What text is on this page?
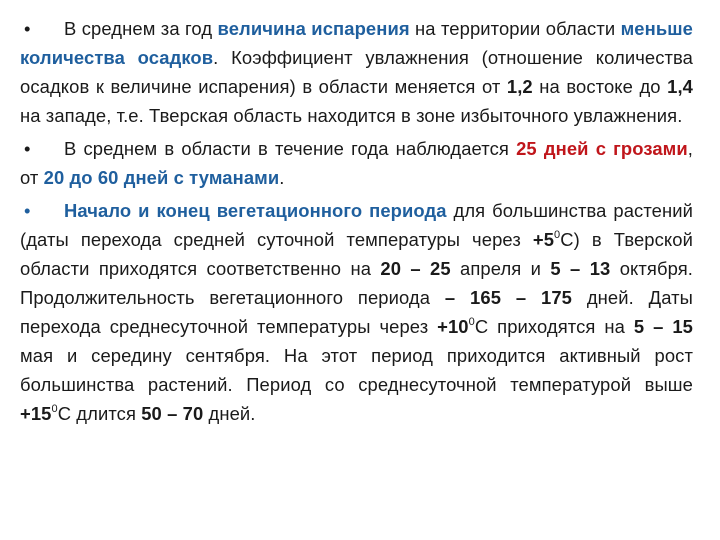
• В среднем за год величина испарения на территории области меньше количества осадков. Коэффициент увлажнения (отношение количества осадков к величине испарения) в области меняется от 1,2 на востоке до 1,4 на западе, т.е. Тверская область находится в зоне избыточного увлажнения.

• В среднем в области в течение года наблюдается 25 дней с грозами, от 20 до 60 дней с туманами.

• Начало и конец вегетационного периода для большинства растений (даты перехода средней суточной температуры через $+5^0С$) в Тверской области приходятся соответственно на 20 – 25 апреля и 5 – 13 октября. Продолжительность вегетационного периода – 165 – 175 дней. Даты перехода среднесуточной температуры через $+10^0С$ приходятся на 5 – 15 мая и середину сентября. На этот период приходится активный рост большинства растений. Период со среднесуточной температурой выше $+15^0С$ длится 50 – 70 дней.
